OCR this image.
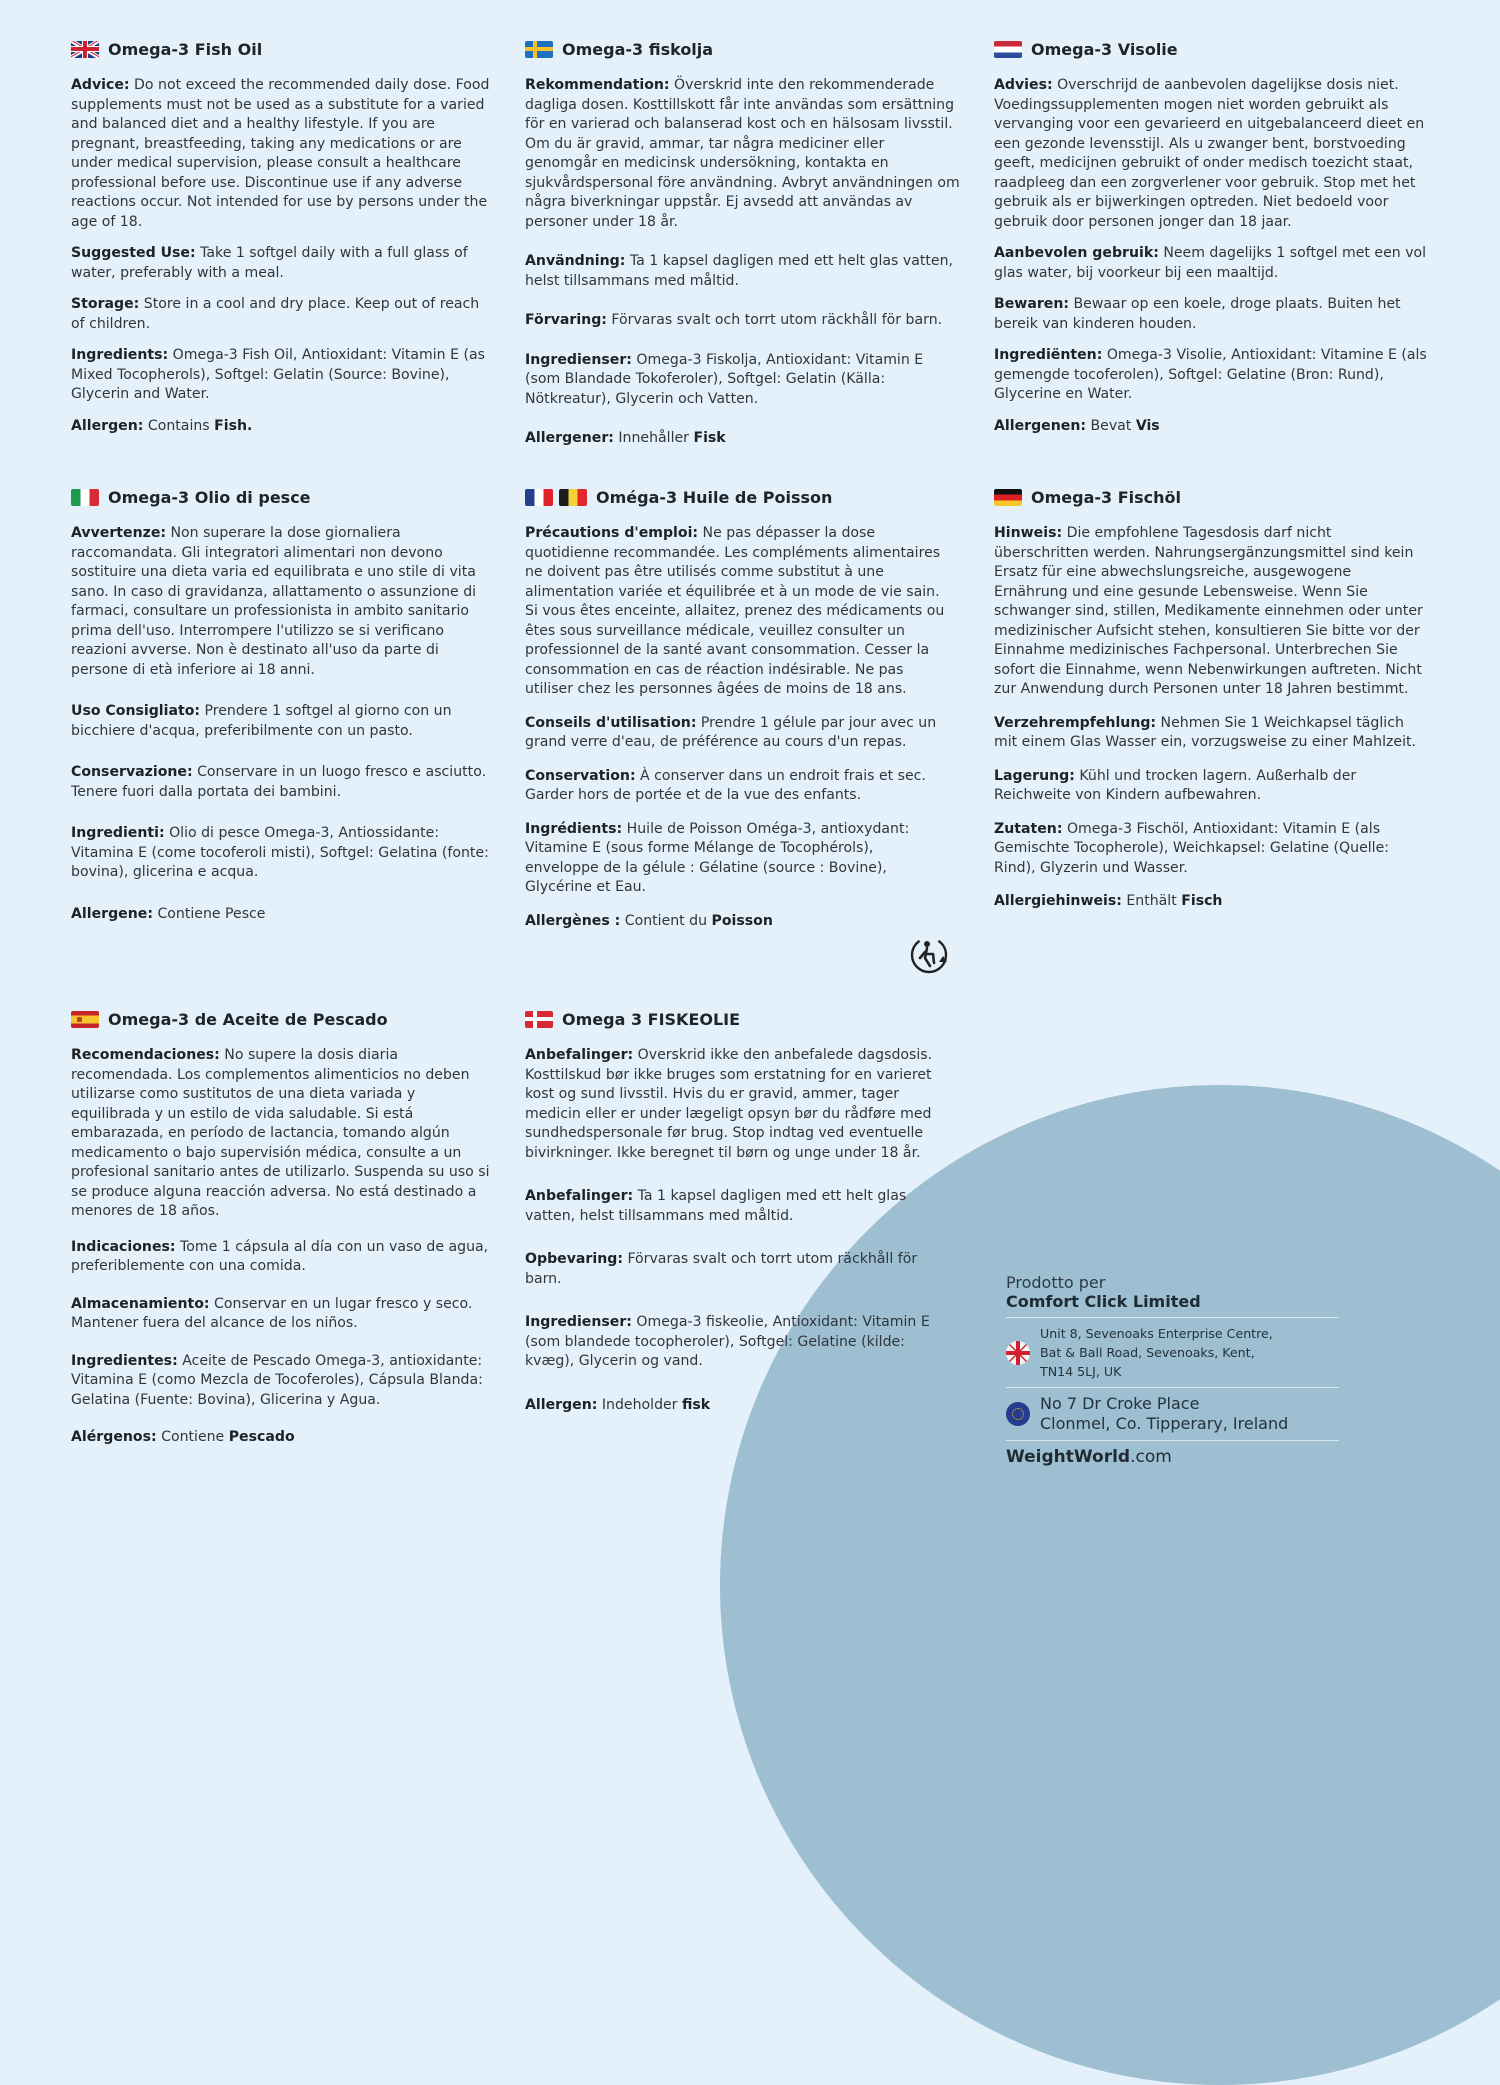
Omega-3 Fish Oil

Advice: Do not exceed the recommended daily dose. Food supplements must not be used as a substitute for a varied and balanced diet and a healthy lifestyle. If you are pregnant, breastfeeding, taking any medications or are under medical supervision, please consult a healthcare professional before use. Discontinue use if any adverse reactions occur. Not intended for use by persons under the age of 18.

Suggested Use: Take 1 softgel daily with a full glass of water, preferably with a meal.

Storage: Store in a cool and dry place. Keep out of reach of children.

Ingredients: Omega-3 Fish Oil, Antioxidant: Vitamin E (as Mixed Tocopherols), Softgel: Gelatin (Source: Bovine), Glycerin and Water.

Allergen: Contains Fish.

Omega-3 fiskolja

Rekommendation: Överskrid inte den rekommenderade dagliga dosen. Kosttillskott får inte användas som ersättning för en varierad och balanserad kost och en hälsosam livsstil. Om du är gravid, ammar, tar några mediciner eller genomgår en medicinsk undersökning, kontakta en sjukvårdspersonal före användning. Avbryt användningen om några biverkningar uppstår. Ej avsedd att användas av personer under 18 år.

Användning: Ta 1 kapsel dagligen med ett helt glas vatten, helst tillsammans med måltid.

Förvaring: Förvaras svalt och torrt utom räckhåll för barn.

Ingredienser: Omega-3 Fiskolja, Antioxidant: Vitamin E (som Blandade Tokoferoler), Softgel: Gelatin (Källa: Nötkreatur), Glycerin och Vatten.

Allergener: Innehåller Fisk

Omega-3 Visolie

Advies: Overschrijd de aanbevolen dagelijkse dosis niet. Voedingssupplementen mogen niet worden gebruikt als vervanging voor een gevarieerd en uitgebalanceerd dieet en een gezonde levensstijl. Als u zwanger bent, borstvoeding geeft, medicijnen gebruikt of onder medisch toezicht staat, raadpleeg dan een zorgverlener voor gebruik. Stop met het gebruik als er bijwerkingen optreden. Niet bedoeld voor gebruik door personen jonger dan 18 jaar.

Aanbevolen gebruik: Neem dagelijks 1 softgel met een vol glas water, bij voorkeur bij een maaltijd.

Bewaren: Bewaar op een koele, droge plaats. Buiten het bereik van kinderen houden.

Ingrediënten: Omega-3 Visolie, Antioxidant: Vitamine E (als gemengde tocoferolen), Softgel: Gelatine (Bron: Rund), Glycerine en Water.

Allergenen: Bevat Vis

Omega-3 Olio di pesce

Avvertenze: Non superare la dose giornaliera raccomandata. Gli integratori alimentari non devono sostituire una dieta varia ed equilibrata e uno stile di vita sano. In caso di gravidanza, allattamento o assunzione di farmaci, consultare un professionista in ambito sanitario prima dell'uso. Interrompere l'utilizzo se si verificano reazioni avverse. Non è destinato all'uso da parte di persone di età inferiore ai 18 anni.

Uso Consigliato: Prendere 1 softgel al giorno con un bicchiere d'acqua, preferibilmente con un pasto.

Conservazione: Conservare in un luogo fresco e asciutto. Tenere fuori dalla portata dei bambini.

Ingredienti: Olio di pesce Omega-3, Antiossidante: Vitamina E (come tocoferoli misti), Softgel: Gelatina (fonte: bovina), glicerina e acqua.

Allergene: Contiene Pesce

Oméga-3 Huile de Poisson

Précautions d'emploi: Ne pas dépasser la dose quotidienne recommandée. Les compléments alimentaires ne doivent pas être utilisés comme substitut à une alimentation variée et équilibrée et à un mode de vie sain. Si vous êtes enceinte, allaitez, prenez des médicaments ou êtes sous surveillance médicale, veuillez consulter un professionnel de la santé avant consommation. Cesser la consommation en cas de réaction indésirable. Ne pas utiliser chez les personnes âgées de moins de 18 ans.

Conseils d'utilisation: Prendre 1 gélule par jour avec un grand verre d'eau, de préférence au cours d'un repas.

Conservation: À conserver dans un endroit frais et sec. Garder hors de portée et de la vue des enfants.

Ingrédients: Huile de Poisson Oméga-3, antioxydant: Vitamine E (sous forme Mélange de Tocophérols), enveloppe de la gélule : Gélatine (source : Bovine), Glycérine et Eau.

Allergènes : Contient du Poisson

Omega-3 Fischöl

Hinweis: Die empfohlene Tagesdosis darf nicht überschritten werden. Nahrungsergänzungsmittel sind kein Ersatz für eine abwechslungsreiche, ausgewogene Ernährung und eine gesunde Lebensweise. Wenn Sie schwanger sind, stillen, Medikamente einnehmen oder unter medizinischer Aufsicht stehen, konsultieren Sie bitte vor der Einnahme medizinisches Fachpersonal. Unterbrechen Sie sofort die Einnahme, wenn Nebenwirkungen auftreten. Nicht zur Anwendung durch Personen unter 18 Jahren bestimmt.

Verzehrempfehlung: Nehmen Sie 1 Weichkapsel täglich mit einem Glas Wasser ein, vorzugsweise zu einer Mahlzeit.

Lagerung: Kühl und trocken lagern. Außerhalb der Reichweite von Kindern aufbewahren.

Zutaten: Omega-3 Fischöl, Antioxidant: Vitamin E (als Gemischte Tocopherole), Weichkapsel: Gelatine (Quelle: Rind), Glyzerin und Wasser.

Allergiehinweis: Enthält Fisch

Omega-3 de Aceite de Pescado

Recomendaciones: No supere la dosis diaria recomendada. Los complementos alimenticios no deben utilizarse como sustitutos de una dieta variada y equilibrada y un estilo de vida saludable. Si está embarazada, en período de lactancia, tomando algún medicamento o bajo supervisión médica, consulte a un profesional sanitario antes de utilizarlo. Suspenda su uso si se produce alguna reacción adversa. No está destinado a menores de 18 años.

Indicaciones: Tome 1 cápsula al día con un vaso de agua, preferiblemente con una comida.

Almacenamiento: Conservar en un lugar fresco y seco. Mantener fuera del alcance de los niños.

Ingredientes: Aceite de Pescado Omega-3, antioxidante: Vitamina E (como Mezcla de Tocoferoles), Cápsula Blanda: Gelatina (Fuente: Bovina), Glicerina y Agua.

Alérgenos: Contiene Pescado

Omega 3 FISKEOLIE

Anbefalinger: Overskrid ikke den anbefalede dagsdosis. Kosttilskud bør ikke bruges som erstatning for en varieret kost og sund livsstil. Hvis du er gravid, ammer, tager medicin eller er under lægeligt opsyn bør du rådføre med sundhedspersonale før brug. Stop indtag ved eventuelle bivirkninger. Ikke beregnet til børn og unge under 18 år.

Anbefalinger: Ta 1 kapsel dagligen med ett helt glas vatten, helst tillsammans med måltid.

Opbevaring: Förvaras svalt och torrt utom räckhåll för barn.

Ingredienser: Omega-3 fiskeolie, Antioxidant: Vitamin E (som blandede tocopheroler), Softgel: Gelatine (kilde: kvæg), Glycerin og vand.

Allergen: Indeholder fisk

Prodotto per
Comfort Click Limited
Unit 8, Sevenoaks Enterprise Centre,
Bat & Ball Road, Sevenoaks, Kent,
TN14 5LJ, UK
No 7 Dr Croke Place
Clonmel, Co. Tipperary, Ireland
WeightWorld.com
